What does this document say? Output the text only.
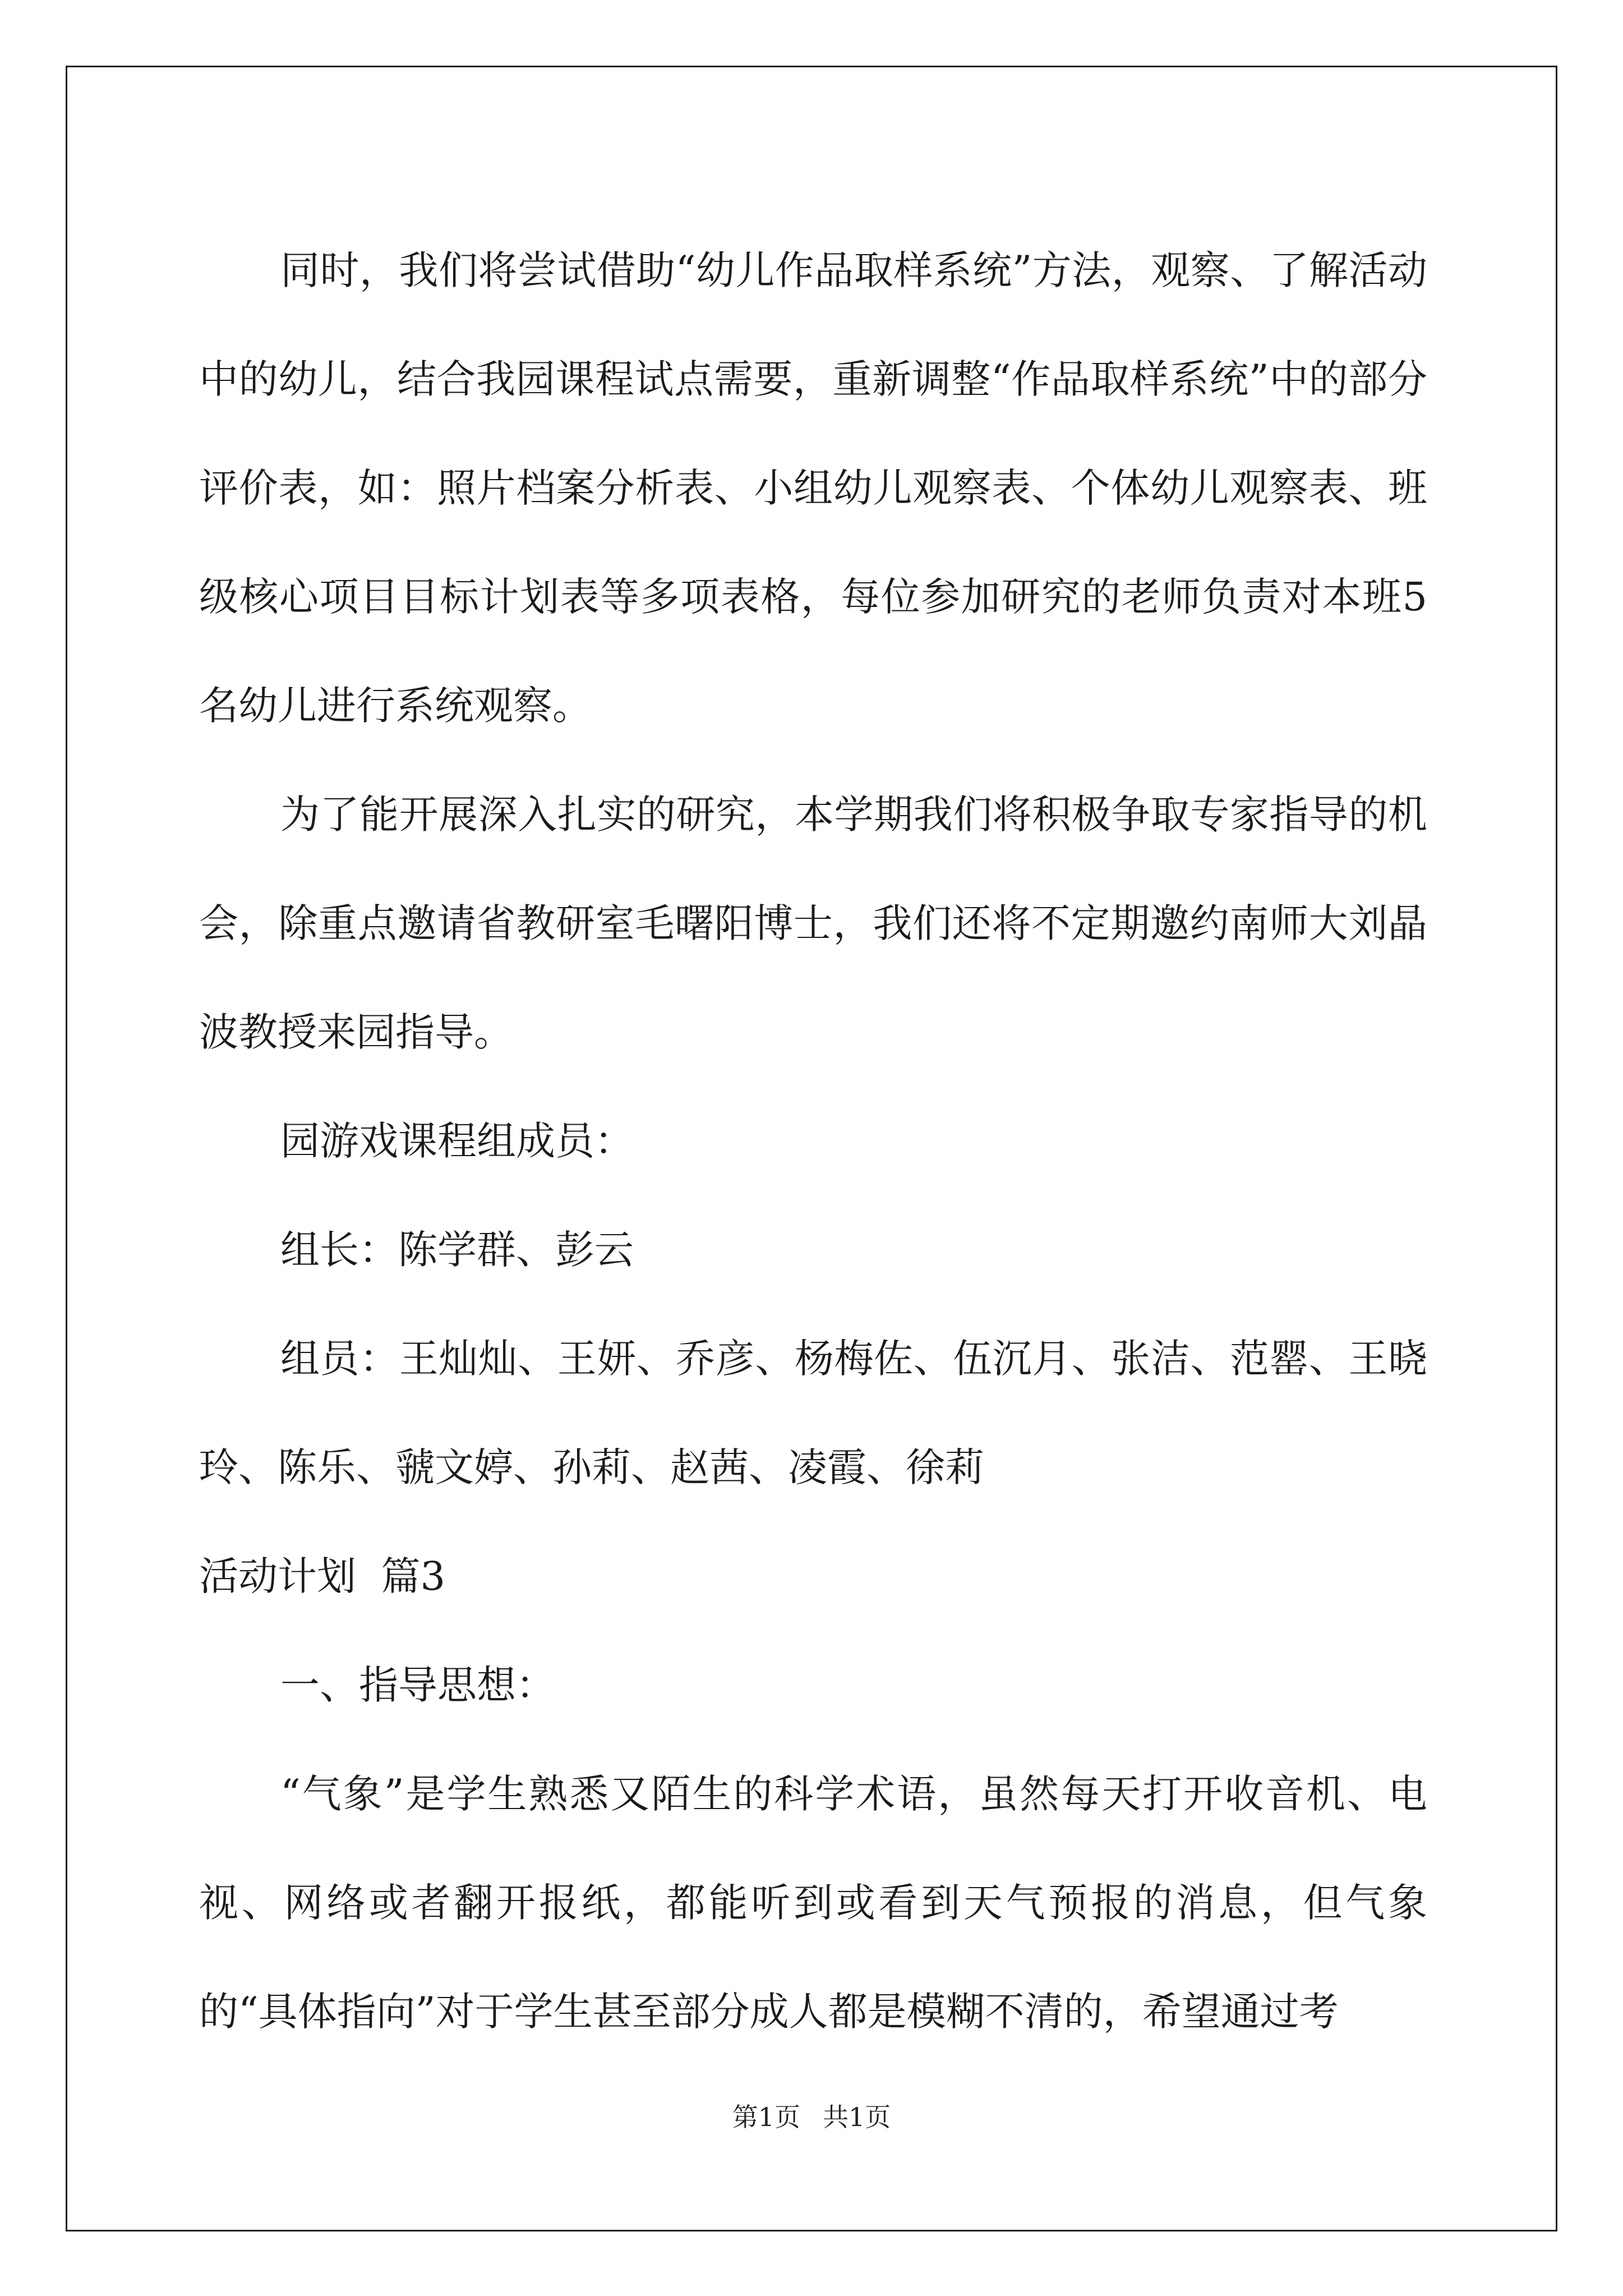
同时，我们将尝试借助“幼儿作品取样系统”方法，观察、了解活动中的幼儿，结合我园课程试点需要，重新调整“作品取样系统”中的部分评价表，如：照片档案分析表、小组幼儿观察表、个体幼儿观察表、班级核心项目目标计划表等多项表格，每位参加研究的老师负责对本班5名幼儿进行系统观察。

为了能开展深入扎实的研究，本学期我们将积极争取专家指导的机会，除重点邀请省教研室毛曙阳博士，我们还将不定期邀约南师大刘晶波教授来园指导。

园游戏课程组成员：

组长：陈学群、彭云

组员：王灿灿、王妍、乔彦、杨梅佐、伍沉月、张洁、范罂、王晓玲、陈乐、虢文婷、孙莉、赵茜、凌霞、徐莉

活动计划  篇3

一、指导思想：

“气象”是学生熟悉又陌生的科学术语，虽然每天打开收音机、电视、网络或者翻开报纸，都能听到或看到天气预报的消息，但气象的“具体指向”对于学生甚至部分成人都是模糊不清的，希望通过考

第1页 共1页
